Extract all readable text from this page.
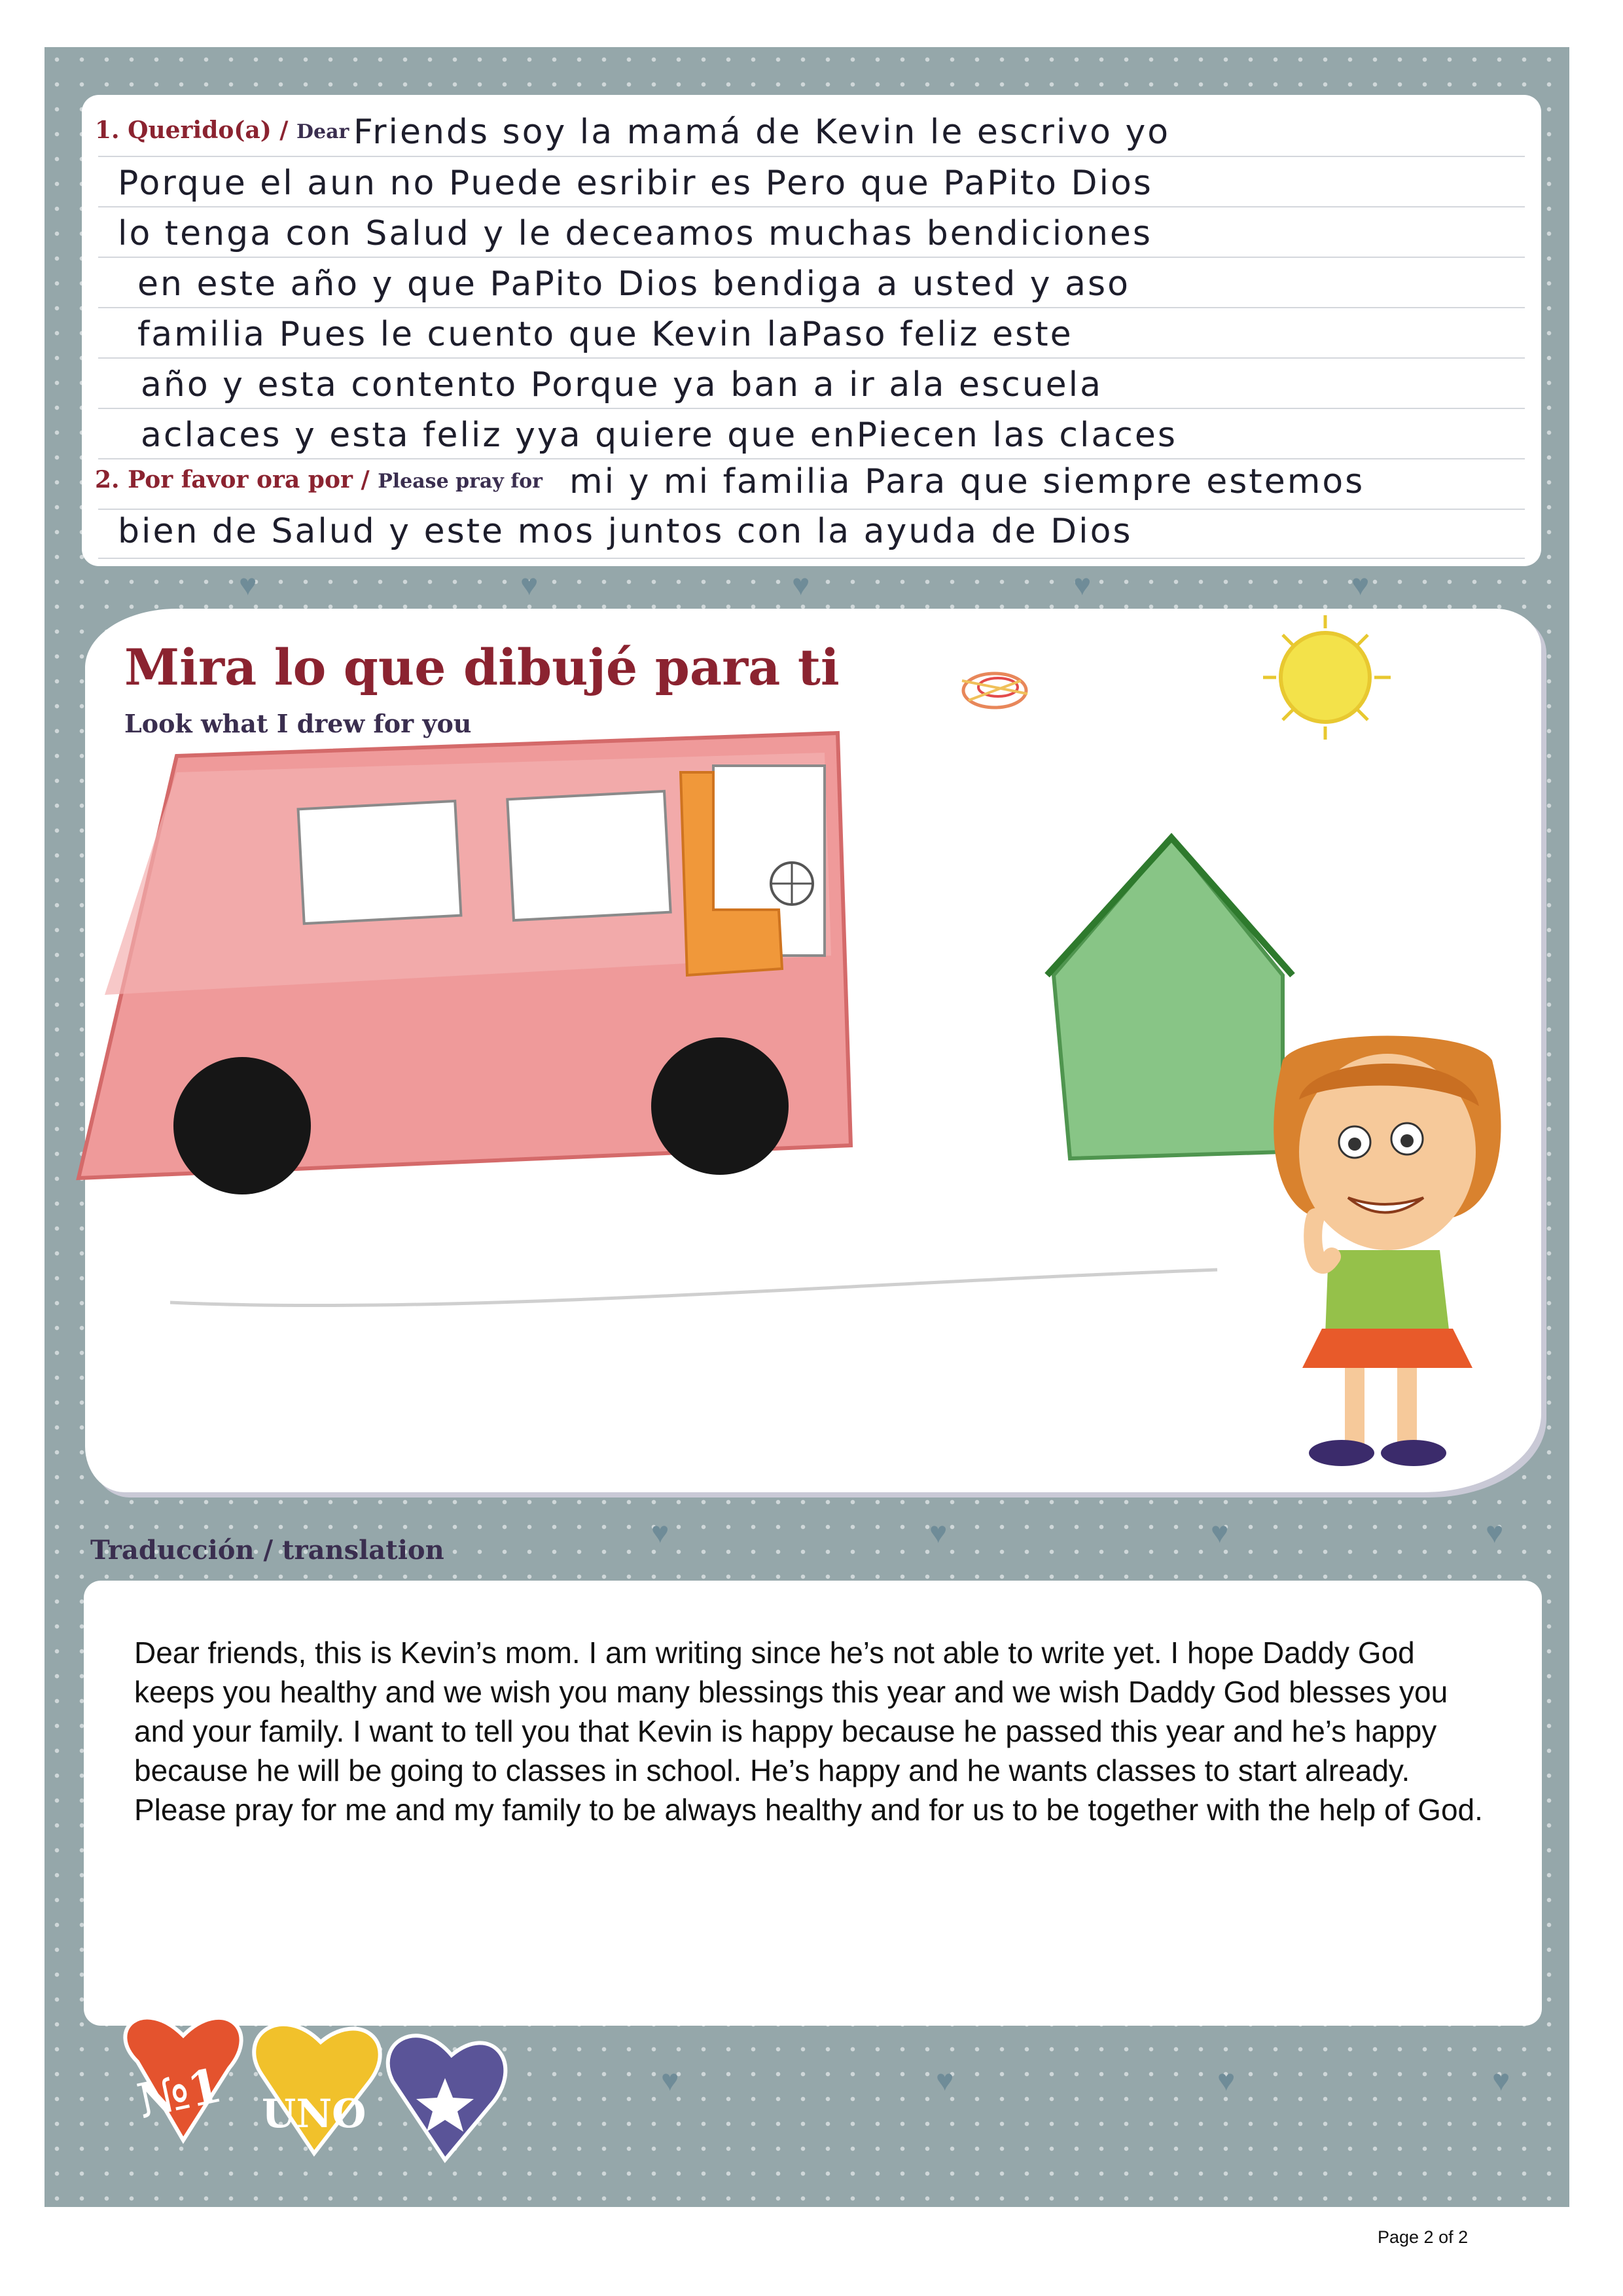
1. Querido(a) / Dear Friends soy la mamá de Kevin le escrivo yo
Porque el aun no Puede esribir es Pero que PaPito Dios
lo tenga con Salud y le deceamos muchas bendiciones
en este año y que PaPito Dios bendiga a usted y aso
familia Pues le cuento que Kevin laPaso feliz este
año y esta contento Porque ya ban a ir ala escuela
aclaces y esta feliz yya quiere que enPiecen las claces
2. Por favor ora por / Please pray for mi y mi familia Para que siempre estemos
bien de Salud y este mos juntos con la ayuda de Dios
♥	♥	♥	♥	♥
Mira lo que dibujé para ti
Look what I drew for you
♥	♥	♥	♥
Traducción / translation
Dear friends, this is Kevin’s mom. I am writing since he’s not able to write yet. I hope Daddy God keeps you healthy and we wish you many blessings this year and we wish Daddy God blesses you and your family. I want to tell you that Kevin is happy because he passed this year and he’s happy because he will be going to classes in school. He’s happy and he wants classes to start already. Please pray for me and my family to be always healthy and for us to be together with the help of God.
♥	♥	♥	♥
№1 UNO
Page 2 of 2
